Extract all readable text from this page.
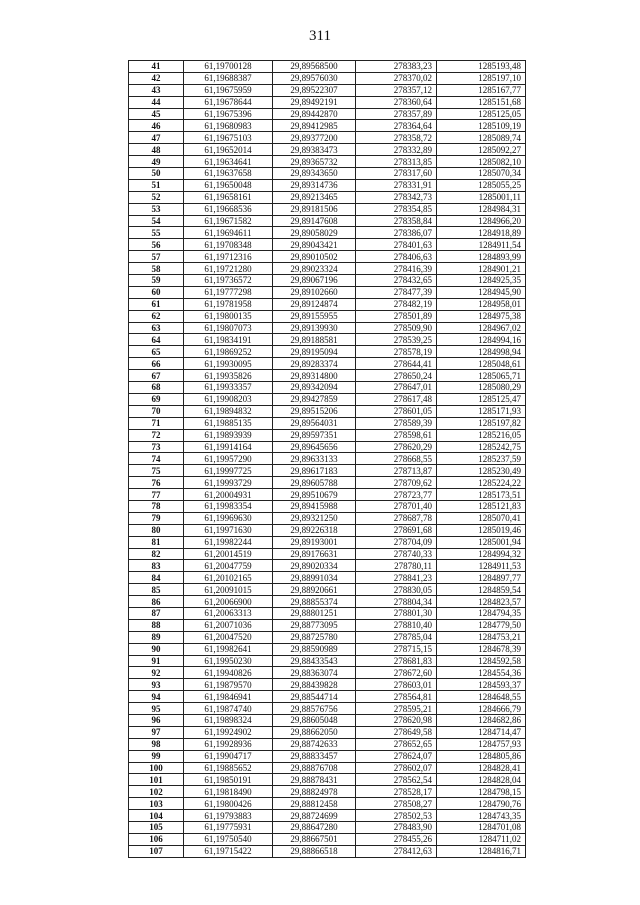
311
41	61,19700128	29,89568500	278383,23	1285193,48
42	61,19688387	29,89576030	278370,02	1285197,10
43	61,19675959	29,89522307	278357,12	1285167,77
44	61,19678644	29,89492191	278360,64	1285151,68
45	61,19675396	29,89442870	278357,89	1285125,05
46	61,19680983	29,89412985	278364,64	1285109,19
47	61,19675103	29,89377200	278358,72	1285089,74
48	61,19652014	29,89383473	278332,89	1285092,27
49	61,19634641	29,89365732	278313,85	1285082,10
50	61,19637658	29,89343650	278317,60	1285070,34
51	61,19650048	29,89314736	278331,91	1285055,25
52	61,19658161	29,89213465	278342,73	1285001,11
53	61,19668536	29,89181506	278354,85	1284984,31
54	61,19671582	29,89147608	278358,84	1284966,20
55	61,19694611	29,89058029	278386,07	1284918,89
56	61,19708348	29,89043421	278401,63	1284911,54
57	61,19712316	29,89010502	278406,63	1284893,99
58	61,19721280	29,89023324	278416,39	1284901,21
59	61,19736572	29,89067196	278432,65	1284925,35
60	61,19777298	29,89102660	278477,39	1284945,90
61	61,19781958	29,89124874	278482,19	1284958,01
62	61,19800135	29,89155955	278501,89	1284975,38
63	61,19807073	29,89139930	278509,90	1284967,02
64	61,19834191	29,89188581	278539,25	1284994,16
65	61,19869252	29,89195094	278578,19	1284998,94
66	61,19930095	29,89283374	278644,41	1285048,61
67	61,19935826	29,89314800	278650,24	1285065,71
68	61,19933357	29,89342094	278647,01	1285080,29
69	61,19908203	29,89427859	278617,48	1285125,47
70	61,19894832	29,89515206	278601,05	1285171,93
71	61,19885135	29,89564031	278589,39	1285197,82
72	61,19893939	29,89597351	278598,61	1285216,05
73	61,19914164	29,89645656	278620,29	1285242,75
74	61,19957290	29,89633133	278668,55	1285237,59
75	61,19997725	29,89617183	278713,87	1285230,49
76	61,19993729	29,89605788	278709,62	1285224,22
77	61,20004931	29,89510679	278723,77	1285173,51
78	61,19983354	29,89415988	278701,40	1285121,83
79	61,19969630	29,89321250	278687,78	1285070,41
80	61,19971630	29,89226318	278691,68	1285019,46
81	61,19982244	29,89193001	278704,09	1285001,94
82	61,20014519	29,89176631	278740,33	1284994,32
83	61,20047759	29,89020334	278780,11	1284911,53
84	61,20102165	29,88991034	278841,23	1284897,77
85	61,20091015	29,88920661	278830,05	1284859,54
86	61,20066900	29,88855374	278804,34	1284823,57
87	61,20063313	29,88801251	278801,30	1284794,35
88	61,20071036	29,88773095	278810,40	1284779,50
89	61,20047520	29,88725780	278785,04	1284753,21
90	61,19982641	29,88590989	278715,15	1284678,39
91	61,19950230	29,88433543	278681,83	1284592,58
92	61,19940826	29,88363074	278672,60	1284554,36
93	61,19879570	29,88439828	278603,01	1284593,37
94	61,19846941	29,88544714	278564,81	1284648,55
95	61,19874740	29,88576756	278595,21	1284666,79
96	61,19898324	29,88605048	278620,98	1284682,86
97	61,19924902	29,88662050	278649,58	1284714,47
98	61,19928936	29,88742633	278652,65	1284757,93
99	61,19904717	29,88833457	278624,07	1284805,86
100	61,19885652	29,88876708	278602,07	1284828,41
101	61,19850191	29,88878431	278562,54	1284828,04
102	61,19818490	29,88824978	278528,17	1284798,15
103	61,19800426	29,88812458	278508,27	1284790,76
104	61,19793883	29,88724699	278502,53	1284743,35
105	61,19775931	29,88647280	278483,90	1284701,08
106	61,19750540	29,88667501	278455,26	1284711,02
107	61,19715422	29,88866518	278412,63	1284816,71
